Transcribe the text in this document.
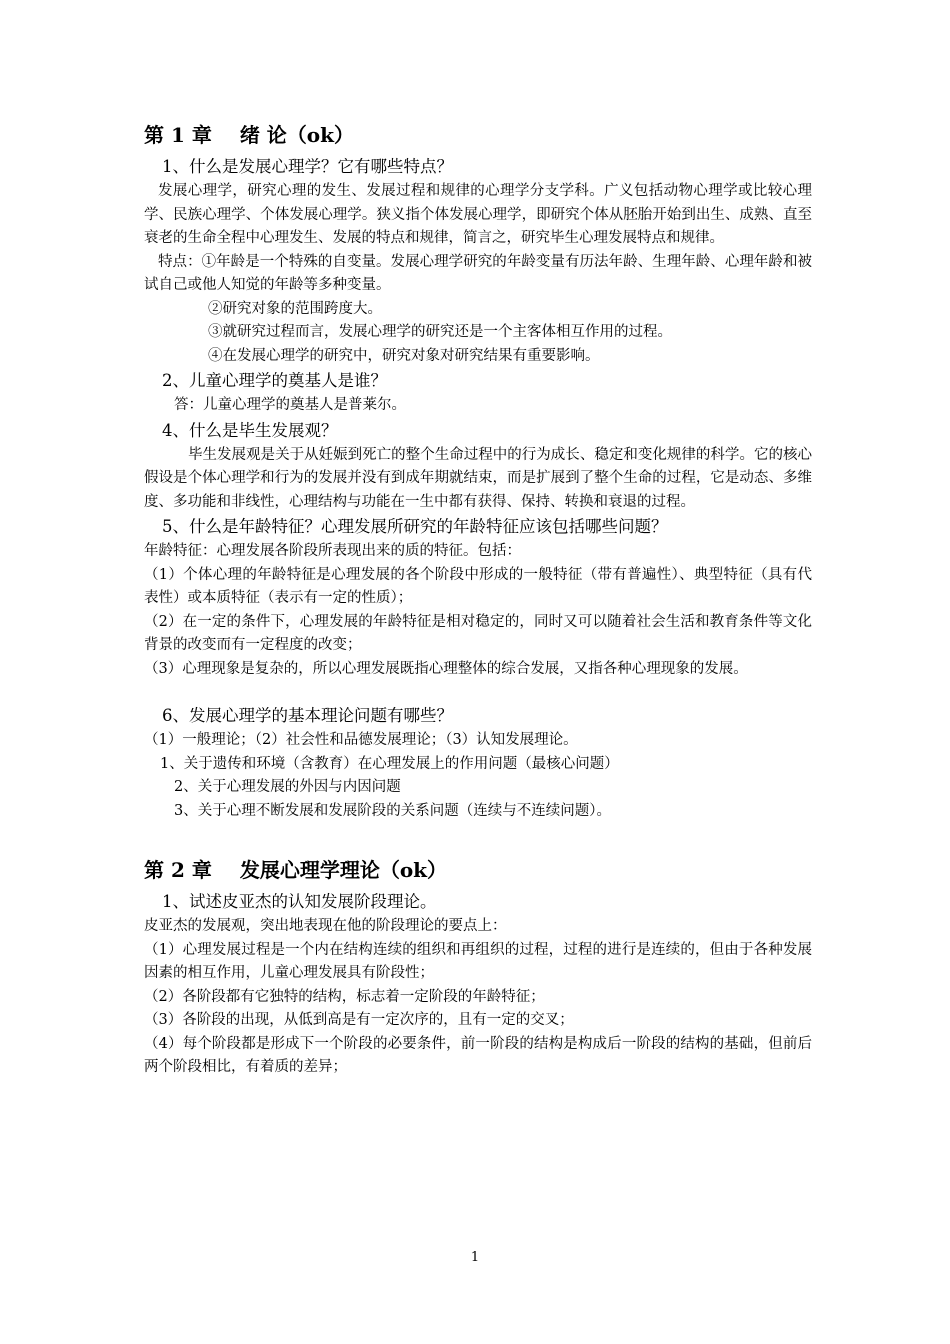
第 1 章 绪 论（ok）

1、什么是发展心理学？它有哪些特点？

发展心理学，研究心理的发生、发展过程和规律的心理学分支学科。广义包括动物心理学或比较心理学、民族心理学、个体发展心理学。狭义指个体发展心理学，即研究个体从胚胎开始到出生、成熟、直至衰老的生命全程中心理发生、发展的特点和规律，简言之，研究毕生心理发展特点和规律。

特点：①年龄是一个特殊的自变量。发展心理学研究的年龄变量有历法年龄、生理年龄、心理年龄和被试自己或他人知觉的年龄等多种变量。

②研究对象的范围跨度大。

③就研究过程而言，发展心理学的研究还是一个主客体相互作用的过程。

④在发展心理学的研究中，研究对象对研究结果有重要影响。

2、儿童心理学的奠基人是谁？

答：儿童心理学的奠基人是普莱尔。

4、什么是毕生发展观？

毕生发展观是关于从妊娠到死亡的整个生命过程中的行为成长、稳定和变化规律的科学。它的核心假设是个体心理学和行为的发展并没有到成年期就结束，而是扩展到了整个生命的过程，它是动态、多维度、多功能和非线性，心理结构与功能在一生中都有获得、保持、转换和衰退的过程。

5、什么是年龄特征？心理发展所研究的年龄特征应该包括哪些问题？

年龄特征：心理发展各阶段所表现出来的质的特征。包括：

（1）个体心理的年龄特征是心理发展的各个阶段中形成的一般特征（带有普遍性）、典型特征（具有代表性）或本质特征（表示有一定的性质）；

（2）在一定的条件下，心理发展的年龄特征是相对稳定的，同时又可以随着社会生活和教育条件等文化背景的改变而有一定程度的改变；

（3）心理现象是复杂的，所以心理发展既指心理整体的综合发展，又指各种心理现象的发展。

6、发展心理学的基本理论问题有哪些？

（1）一般理论；（2）社会性和品德发展理论；（3）认知发展理论。

1、关于遗传和环境（含教育）在心理发展上的作用问题（最核心问题）

2、关于心理发展的外因与内因问题

3、关于心理不断发展和发展阶段的关系问题（连续与不连续问题）。

第 2 章 发展心理学理论（ok）

1、试述皮亚杰的认知发展阶段理论。

皮亚杰的发展观，突出地表现在他的阶段理论的要点上：

（1）心理发展过程是一个内在结构连续的组织和再组织的过程，过程的进行是连续的，但由于各种发展因素的相互作用，儿童心理发展具有阶段性；

（2）各阶段都有它独特的结构，标志着一定阶段的年龄特征；

（3）各阶段的出现，从低到高是有一定次序的，且有一定的交叉；

（4）每个阶段都是形成下一个阶段的必要条件，前一阶段的结构是构成后一阶段的结构的基础，但前后两个阶段相比，有着质的差异；

1
